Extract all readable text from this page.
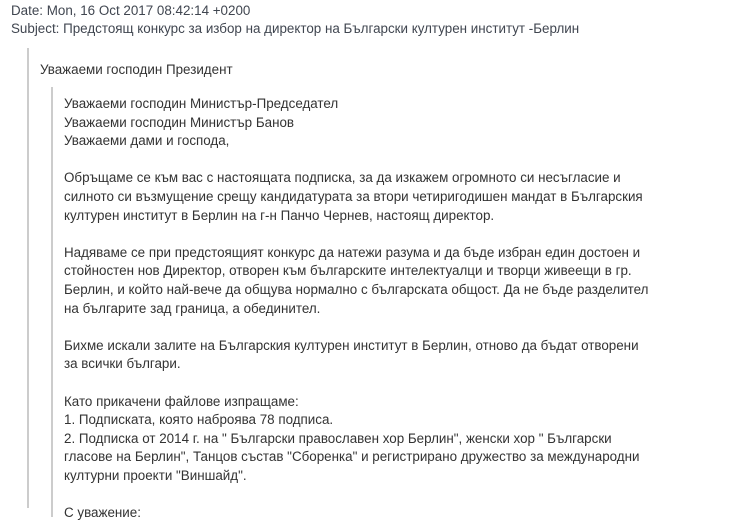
Date: Mon, 16 Oct 2017 08:42:14 +0200
Subject: Предстоящ конкурс за избор на директор на Български културен институт -Берлин
Уважаеми господин Президент
Уважаеми господин Министър-Председател
Уважаеми господин Министър Банов
Уважаеми дами и господа,
Обръщаме се към вас с настоящата подписка, за да изкажем огромното си несъгласие и
силното си възмущение срещу кандидатурата за втори четиригодишен мандат в Българския
културен институт в Берлин на г-н Панчо Чернев, настоящ директор.
Надяваме се при предстоящият конкурс да натежи разума и да бъде избран един достоен и
стойностен нов Директор, отворен към българските интелектуалци и творци живеещи в гр.
Берлин, и който най-вече да общува нормално с българската общост. Да не бъде разделител
на българите зад граница, а обединител.
Бихме искали залите на Българския културен институт в Берлин, отново да бъдат отворени
за всички българи.
Като прикачени файлове изпращаме:
1. Подписката, която наброява 78 подписа.
2. Подписка от 2014 г. на " Български православен хор Берлин", женски хор " Български
гласове на Берлин", Танцов състав "Сборенка" и регистрирано дружество за международни
културни проекти "Виншайд".
С уважение:
